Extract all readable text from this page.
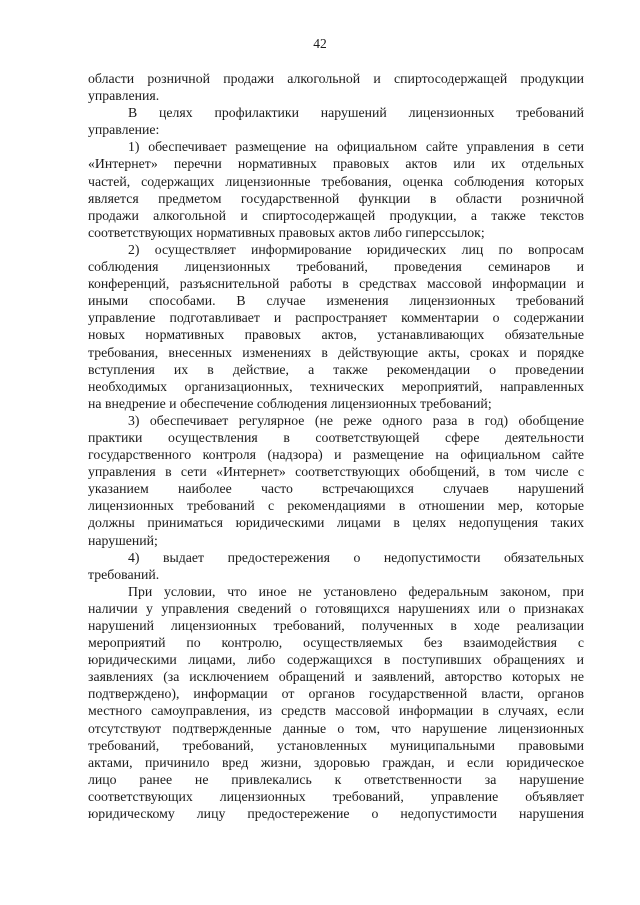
42
области розничной продажи алкогольной и спиртосодержащей продукции
управления.
В целях профилактики нарушений лицензионных требований
управление:
1) обеспечивает размещение на официальном сайте управления в сети
«Интернет» перечни нормативных правовых актов или их отдельных
частей, содержащих лицензионные требования, оценка соблюдения которых
является предметом государственной функции в области розничной
продажи алкогольной и спиртосодержащей продукции, а также текстов
соответствующих нормативных правовых актов либо гиперссылок;
2) осуществляет информирование юридических лиц по вопросам
соблюдения лицензионных требований, проведения семинаров и
конференций, разъяснительной работы в средствах массовой информации и
иными способами. В случае изменения лицензионных требований
управление подготавливает и распространяет комментарии о содержании
новых нормативных правовых актов, устанавливающих обязательные
требования, внесенных изменениях в действующие акты, сроках и порядке
вступления их в действие, а также рекомендации о проведении
необходимых организационных, технических мероприятий, направленных
на внедрение и обеспечение соблюдения лицензионных требований;
3) обеспечивает регулярное (не реже одного раза в год) обобщение
практики осуществления в соответствующей сфере деятельности
государственного контроля (надзора) и размещение на официальном сайте
управления в сети «Интернет» соответствующих обобщений, в том числе с
указанием наиболее часто встречающихся случаев нарушений
лицензионных требований с рекомендациями в отношении мер, которые
должны приниматься юридическими лицами в целях недопущения таких
нарушений;
4) выдает предостережения о недопустимости обязательных
требований.
При условии, что иное не установлено федеральным законом, при
наличии у управления сведений о готовящихся нарушениях или о признаках
нарушений лицензионных требований, полученных в ходе реализации
мероприятий по контролю, осуществляемых без взаимодействия с
юридическими лицами, либо содержащихся в поступивших обращениях и
заявлениях (за исключением обращений и заявлений, авторство которых не
подтверждено), информации от органов государственной власти, органов
местного самоуправления, из средств массовой информации в случаях, если
отсутствуют подтвержденные данные о том, что нарушение лицензионных
требований, требований, установленных муниципальными правовыми
актами, причинило вред жизни, здоровью граждан, и если юридическое
лицо ранее не привлекались к ответственности за нарушение
соответствующих лицензионных требований, управление объявляет
юридическому лицу предостережение о недопустимости нарушения
